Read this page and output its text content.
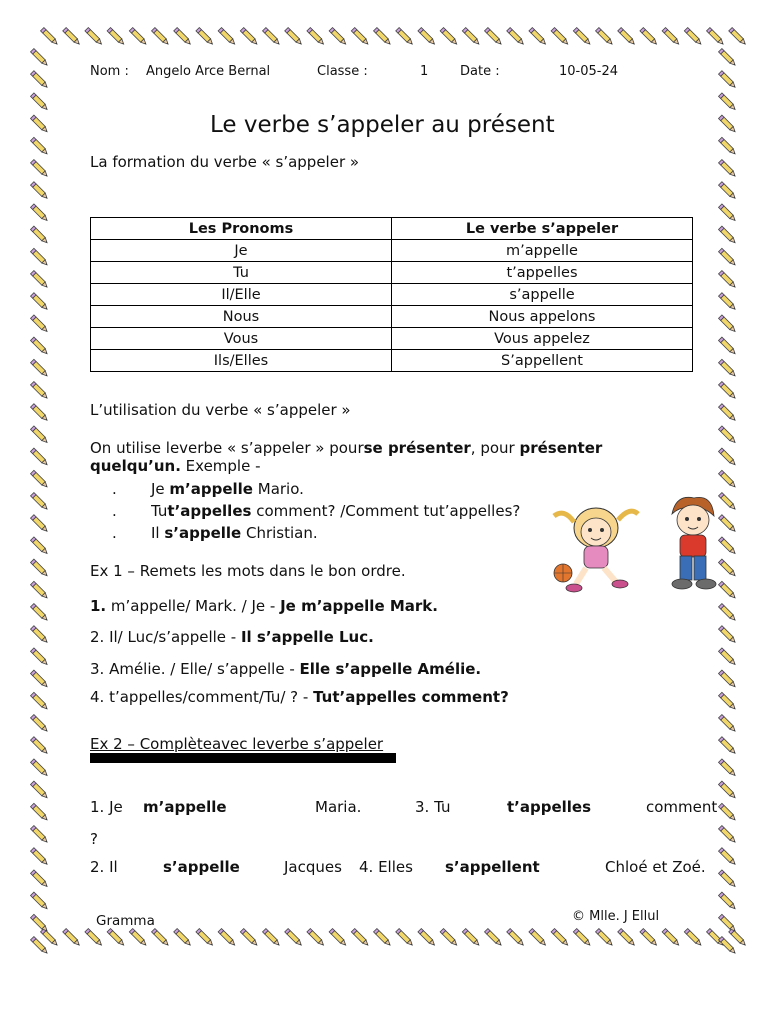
Nom : Angelo Arce Bernal	Classe :	1 Date :	10-05-24
Le verbe s’appeler au présent
La formation du verbe « s’appeler »
Les Pronoms	Le verbe s’appeler
Je	m’appelle
Tu	t’appelles
Il/Elle	s’appelle
Nous	Nous appelons
Vous	Vous appelez
Ils/Elles	S’appellent
L’utilisation du verbe « s’appeler »
On utilise leverbe « s’appeler » pourse présenter, pour présenter
quelqu’un. Exemple -
. Je m’appelle Mario.
. Tut’appelles comment? /Comment tut’appelles?
. Il s’appelle Christian.
Ex 1 – Remets les mots dans le bon ordre.
1. m’appelle/ Mark. / Je - Je m’appelle Mark.
2. Il/ Luc/s’appelle - Il s’appelle Luc.
3. Amélie. / Elle/ s’appelle - Elle s’appelle Amélie.
4. t’appelles/comment/Tu/ ? - Tut’appelles comment?
Ex 2 – Complèteavec leverbe s’appeler
1. Je m’appelle	Maria.	3. Tu	t’appelles	comment
?
2. Il	s’appelle	Jacques 4. Elles s’appellent	Chloé et Zoé.
Gramma	© Mlle. J Ellul
